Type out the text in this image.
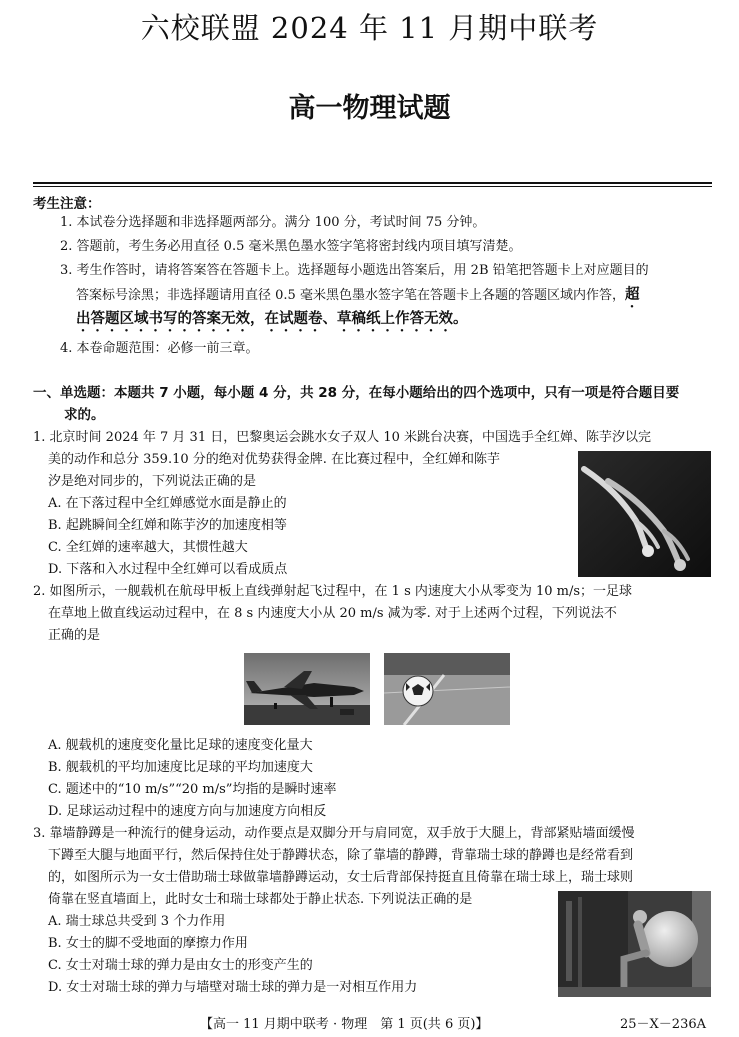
六校联盟 2024 年 11 月期中联考
高一物理试题
考生注意：
1. 本试卷分选择题和非选择题两部分。满分 100 分，考试时间 75 分钟。
2. 答题前，考生务必用直径 0.5 毫米黑色墨水签字笔将密封线内项目填写清楚。
3. 考生作答时，请将答案答在答题卡上。选择题每小题选出答案后，用 2B 铅笔把答题卡上对应题目的
答案标号涂黑；非选择题请用直径 0.5 毫米黑色墨水签字笔在答题卡上各题的答题区域内作答，超
出答题区域书写的答案无效，在试题卷、草稿纸上作答无效。
4. 本卷命题范围：必修一前三章。
一、单选题：本题共 7 小题，每小题 4 分，共 28 分，在每小题给出的四个选项中，只有一项是符合题目要
求的。
1. 北京时间 2024 年 7 月 31 日，巴黎奥运会跳水女子双人 10 米跳台决赛，中国选手全红婵、陈芋汐以完
美的动作和总分 359.10 分的绝对优势获得金牌. 在比赛过程中，全红婵和陈芋
汐是绝对同步的，下列说法正确的是
A. 在下落过程中全红婵感觉水面是静止的
B. 起跳瞬间全红婵和陈芋汐的加速度相等
C. 全红婵的速率越大，其惯性越大
D. 下落和入水过程中全红婵可以看成质点
2. 如图所示，一舰载机在航母甲板上直线弹射起飞过程中，在 1 s 内速度大小从零变为 10 m/s；一足球
在草地上做直线运动过程中，在 8 s 内速度大小从 20 m/s 减为零. 对于上述两个过程，下列说法不
正确的是
A. 舰载机的速度变化量比足球的速度变化量大
B. 舰载机的平均加速度比足球的平均加速度大
C. 题述中的“10 m/s”“20 m/s”均指的是瞬时速率
D. 足球运动过程中的速度方向与加速度方向相反
3. 靠墙静蹲是一种流行的健身运动，动作要点是双脚分开与肩同宽，双手放于大腿上，背部紧贴墙面缓慢
下蹲至大腿与地面平行，然后保持住处于静蹲状态，除了靠墙的静蹲，背靠瑞士球的静蹲也是经常看到
的，如图所示为一女士借助瑞士球做靠墙静蹲运动，女士后背部保持挺直且倚靠在瑞士球上，瑞士球则
倚靠在竖直墙面上，此时女士和瑞士球都处于静止状态. 下列说法正确的是
A. 瑞士球总共受到 3 个力作用
B. 女士的脚不受地面的摩擦力作用
C. 女士对瑞士球的弹力是由女士的形变产生的
D. 女士对瑞士球的弹力与墙壁对瑞士球的弹力是一对相互作用力
【高一 11 月期中联考 · 物理　第 1 页(共 6 页)】	25－X－236A
